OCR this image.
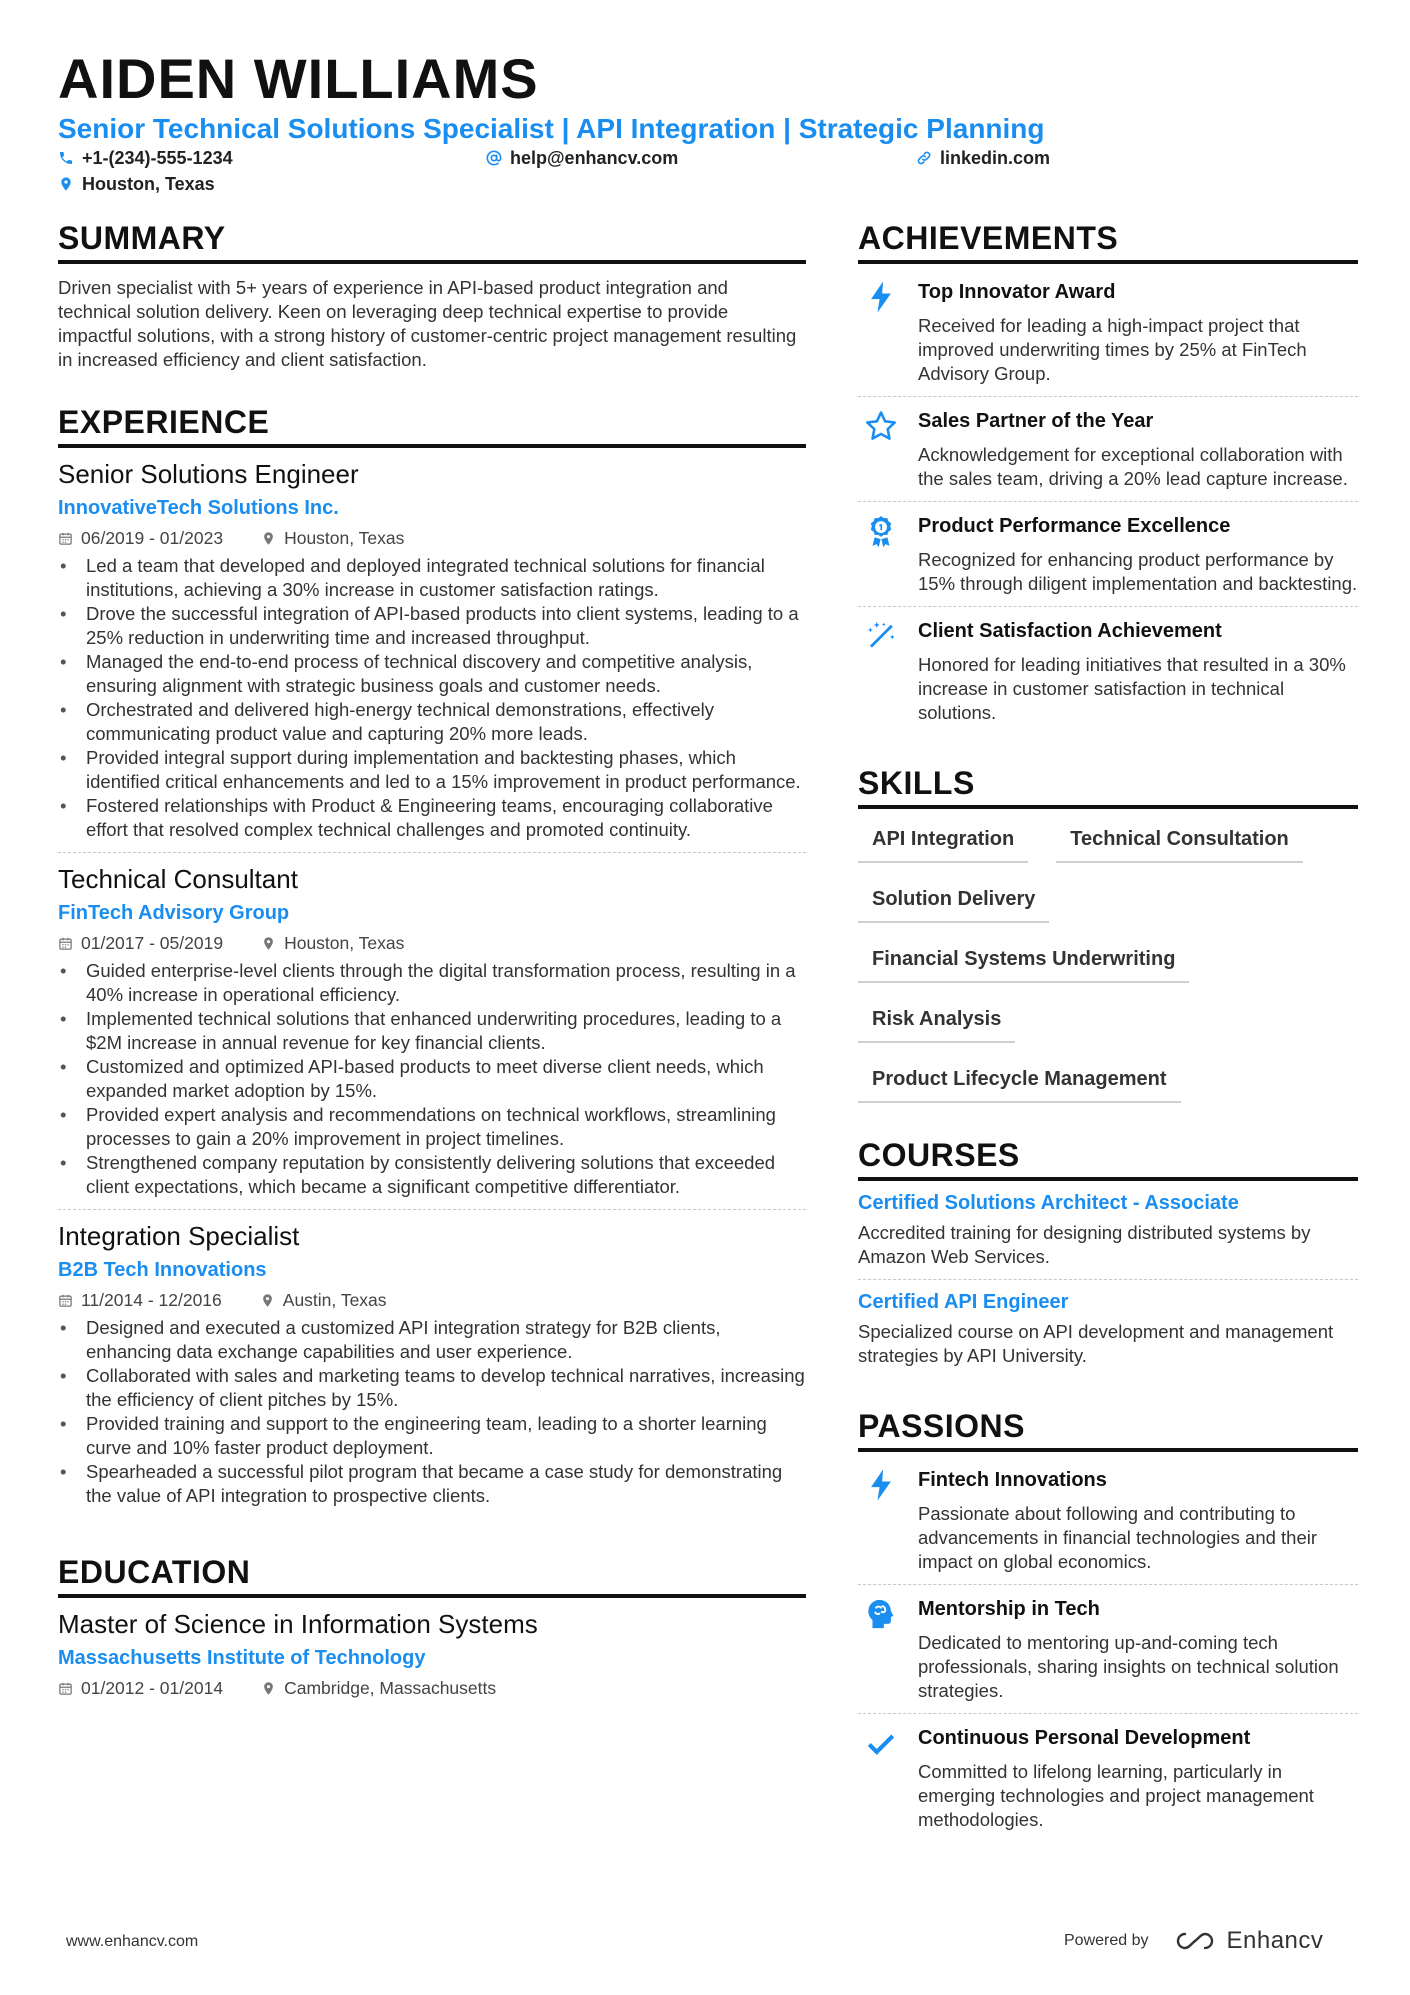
AIDEN WILLIAMS
Senior Technical Solutions Specialist | API Integration | Strategic Planning
+1-(234)-555-1234	help@enhancv.com	linkedin.com
Houston, Texas
SUMMARY
Driven specialist with 5+ years of experience in API-based product integration and technical solution delivery. Keen on leveraging deep technical expertise to provide impactful solutions, with a strong history of customer-centric project management resulting in increased efficiency and client satisfaction.
EXPERIENCE
Senior Solutions Engineer
InnovativeTech Solutions Inc.
06/2019 - 01/2023	Houston, Texas
• Led a team that developed and deployed integrated technical solutions for financial institutions, achieving a 30% increase in customer satisfaction ratings.
• Drove the successful integration of API-based products into client systems, leading to a 25% reduction in underwriting time and increased throughput.
• Managed the end-to-end process of technical discovery and competitive analysis, ensuring alignment with strategic business goals and customer needs.
• Orchestrated and delivered high-energy technical demonstrations, effectively communicating product value and capturing 20% more leads.
• Provided integral support during implementation and backtesting phases, which identified critical enhancements and led to a 15% improvement in product performance.
• Fostered relationships with Product & Engineering teams, encouraging collaborative effort that resolved complex technical challenges and promoted continuity.
Technical Consultant
FinTech Advisory Group
01/2017 - 05/2019	Houston, Texas
• Guided enterprise-level clients through the digital transformation process, resulting in a 40% increase in operational efficiency.
• Implemented technical solutions that enhanced underwriting procedures, leading to a $2M increase in annual revenue for key financial clients.
• Customized and optimized API-based products to meet diverse client needs, which expanded market adoption by 15%.
• Provided expert analysis and recommendations on technical workflows, streamlining processes to gain a 20% improvement in project timelines.
• Strengthened company reputation by consistently delivering solutions that exceeded client expectations, which became a significant competitive differentiator.
Integration Specialist
B2B Tech Innovations
11/2014 - 12/2016	Austin, Texas
• Designed and executed a customized API integration strategy for B2B clients, enhancing data exchange capabilities and user experience.
• Collaborated with sales and marketing teams to develop technical narratives, increasing the efficiency of client pitches by 15%.
• Provided training and support to the engineering team, leading to a shorter learning curve and 10% faster product deployment.
• Spearheaded a successful pilot program that became a case study for demonstrating the value of API integration to prospective clients.
EDUCATION
Master of Science in Information Systems
Massachusetts Institute of Technology
01/2012 - 01/2014	Cambridge, Massachusetts
ACHIEVEMENTS
Top Innovator Award
Received for leading a high-impact project that improved underwriting times by 25% at FinTech Advisory Group.
Sales Partner of the Year
Acknowledgement for exceptional collaboration with the sales team, driving a 20% lead capture increase.
Product Performance Excellence
Recognized for enhancing product performance by 15% through diligent implementation and backtesting.
Client Satisfaction Achievement
Honored for leading initiatives that resulted in a 30% increase in customer satisfaction in technical solutions.
SKILLS
API Integration	Technical Consultation
Solution Delivery
Financial Systems Underwriting
Risk Analysis
Product Lifecycle Management
COURSES
Certified Solutions Architect - Associate
Accredited training for designing distributed systems by Amazon Web Services.
Certified API Engineer
Specialized course on API development and management strategies by API University.
PASSIONS
Fintech Innovations
Passionate about following and contributing to advancements in financial technologies and their impact on global economics.
Mentorship in Tech
Dedicated to mentoring up-and-coming tech professionals, sharing insights on technical solution strategies.
Continuous Personal Development
Committed to lifelong learning, particularly in emerging technologies and project management methodologies.
www.enhancv.com	Powered by	Enhancv
